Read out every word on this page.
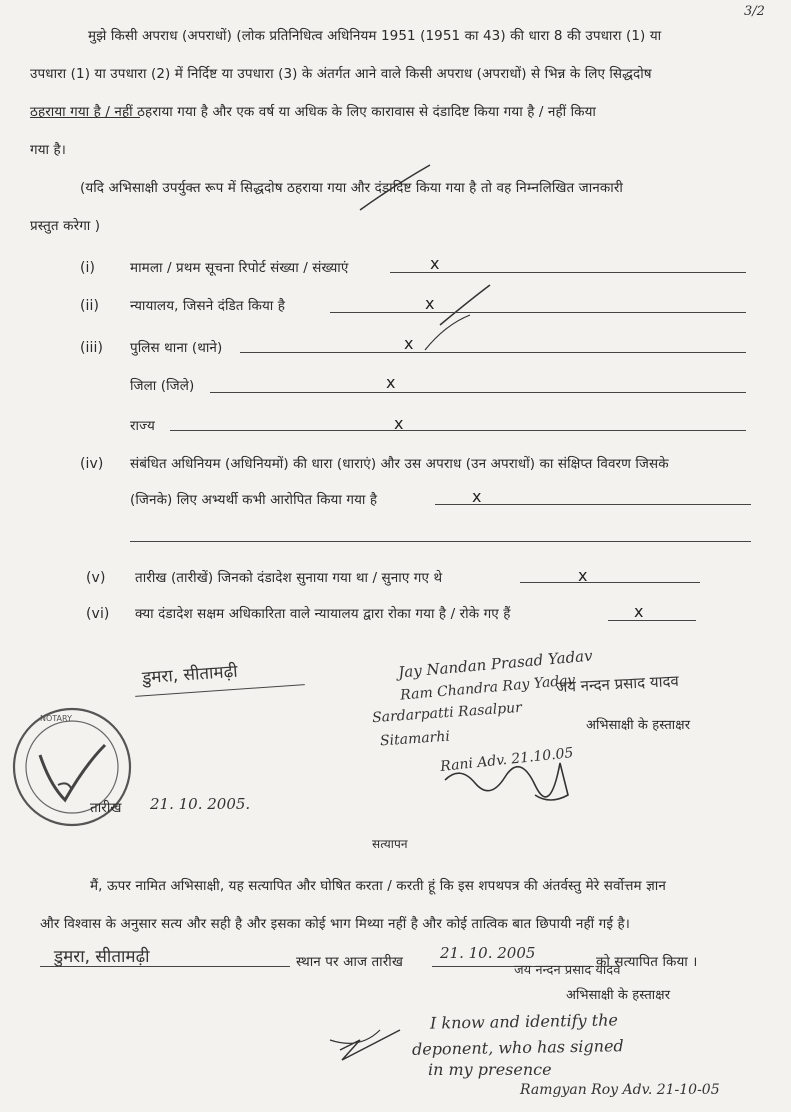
3/2
मुझे किसी अपराध (अपराधों) (लोक प्रतिनिधित्व अधिनियम 1951 (1951 का 43) की धारा 8 की उपधारा (1) या
उपधारा (1) या उपधारा (2) में निर्दिष्ट या उपधारा (3) के अंतर्गत आने वाले किसी अपराध (अपराधों) से भिन्न के लिए सिद्धदोष
ठहराया गया है / नहीं ठहराया गया है और एक वर्ष या अधिक के लिए कारावास से दंडादिष्ट किया गया है / नहीं किया
गया है।
(यदि अभिसाक्षी उपर्युक्त रूप में सिद्धदोष ठहराया गया और दंडादिष्ट किया गया है तो वह निम्नलिखित जानकारी
प्रस्तुत करेगा )
(i)	मामला / प्रथम सूचना रिपोर्ट संख्या / संख्याएं	x
(ii) न्यायालय, जिसने दंडित किया है	x
(iii) पुलिस थाना (थाने)	x
जिला (जिले)	x
राज्य	x
(iv) संबंधित अधिनियम (अधिनियमों) की धारा (धाराएं) और उस अपराध (उन अपराधों) का संक्षिप्त विवरण जिसके
(जिनके) लिए अभ्यर्थी कभी आरोपित किया गया है	x
(v) तारीख (तारीखें) जिनको दंडादेश सुनाया गया था / सुनाए गए थे	x
(vi) क्या दंडादेश सक्षम अधिकारिता वाले न्यायालय द्वारा रोका गया है / रोके गए हैं	x
डुमरा, सीतामढ़ी
NOTARY
Jay Nandan Prasad Yadav
Ram Chandra Ray Yadav
Sardarpatti Rasalpur
Sitamarhi
Rani Adv. 21.10.05
जय नन्दन प्रसाद यादव
अभिसाक्षी के हस्ताक्षर
तारीख 21. 10. 2005.
सत्यापन
मैं, ऊपर नामित अभिसाक्षी, यह सत्यापित और घोषित करता / करती हूं कि इस शपथपत्र की अंतर्वस्तु मेरे सर्वोत्तम ज्ञान
और विश्वास के अनुसार सत्य और सही है और इसका कोई भाग मिथ्या नहीं है और कोई तात्विक बात छिपायी नहीं गई है।
डुमरा, सीतामढ़ी	स्थान पर आज तारीख 21. 10. 2005	को सत्यापित किया ।
जय नन्दन प्रसाद यादव
अभिसाक्षी के हस्ताक्षर
I know and identify the
deponent, who has signed
in my presence
Ramgyan Roy Adv. 21-10-05
